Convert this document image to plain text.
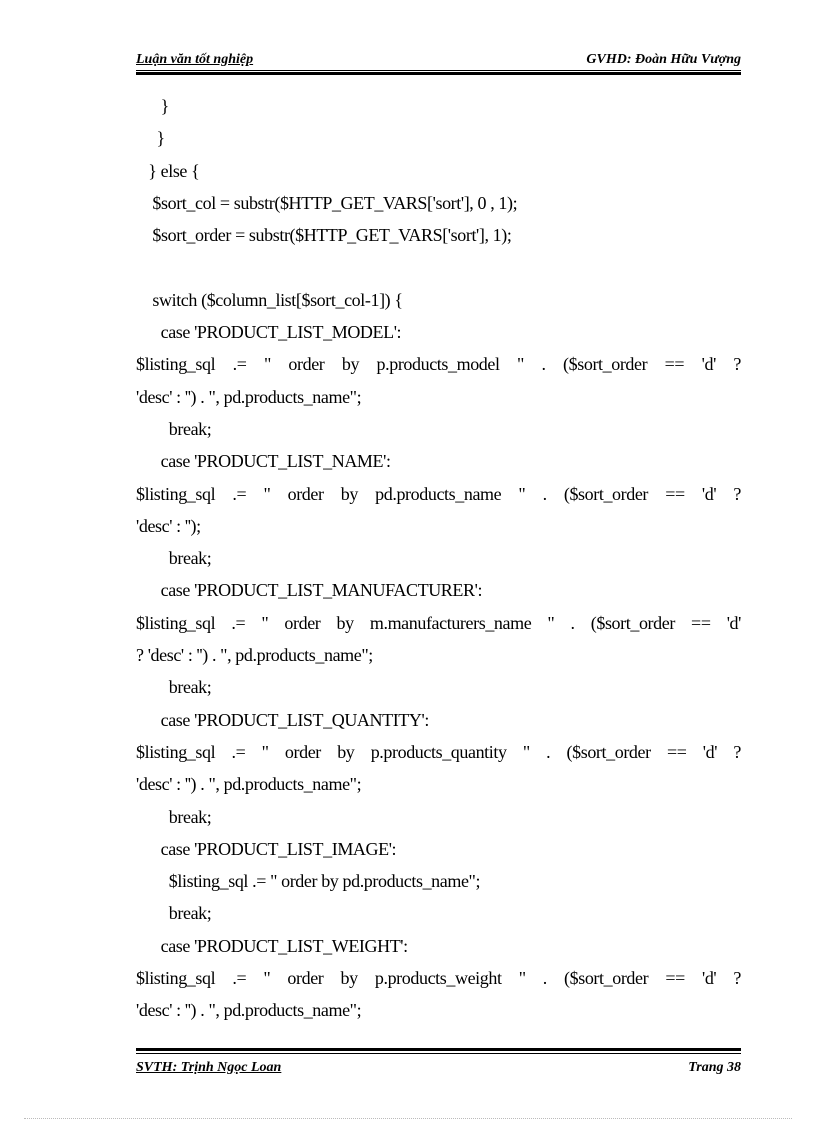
Luận văn tốt nghiệp	GVHD: Đoàn Hữu Vượng
}
}
} else {
$sort_col = substr($HTTP_GET_VARS['sort'], 0 , 1);
$sort_order = substr($HTTP_GET_VARS['sort'], 1);

switch ($column_list[$sort_col-1]) {
case 'PRODUCT_LIST_MODEL':
$listing_sql .= " order by p.products_model " . ($sort_order == 'd' ?
'desc' : '') . ", pd.products_name";
break;
case 'PRODUCT_LIST_NAME':
$listing_sql .= " order by pd.products_name " . ($sort_order == 'd' ?
'desc' : '');
break;
case 'PRODUCT_LIST_MANUFACTURER':
$listing_sql .= " order by m.manufacturers_name " . ($sort_order == 'd'
? 'desc' : '') . ", pd.products_name";
break;
case 'PRODUCT_LIST_QUANTITY':
$listing_sql .= " order by p.products_quantity " . ($sort_order == 'd' ?
'desc' : '') . ", pd.products_name";
break;
case 'PRODUCT_LIST_IMAGE':
$listing_sql .= " order by pd.products_name";
break;
case 'PRODUCT_LIST_WEIGHT':
$listing_sql .= " order by p.products_weight " . ($sort_order == 'd' ?
'desc' : '') . ", pd.products_name";
SVTH: Trịnh Ngọc Loan	Trang 38
